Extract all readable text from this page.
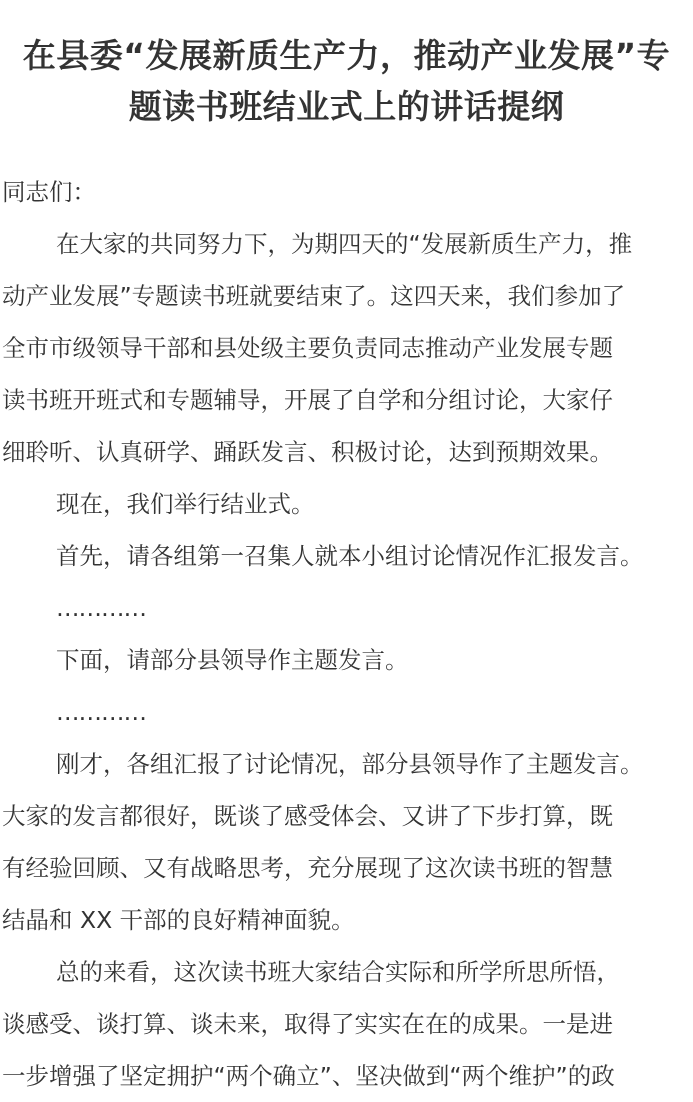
在县委“发展新质生产力，推动产业发展”专
题读书班结业式上的讲话提纲

同志们：

在大家的共同努力下，为期四天的“发展新质生产力，推
动产业发展”专题读书班就要结束了。这四天来，我们参加了
全市市级领导干部和县处级主要负责同志推动产业发展专题
读书班开班式和专题辅导，开展了自学和分组讨论，大家仔
细聆听、认真研学、踊跃发言、积极讨论，达到预期效果。

现在，我们举行结业式。

首先，请各组第一召集人就本小组讨论情况作汇报发言。

…………

下面，请部分县领导作主题发言。

…………

刚才，各组汇报了讨论情况，部分县领导作了主题发言。
大家的发言都很好，既谈了感受体会、又讲了下步打算，既
有经验回顾、又有战略思考，充分展现了这次读书班的智慧
结晶和 XX 干部的良好精神面貌。

总的来看，这次读书班大家结合实际和所学所思所悟，
谈感受、谈打算、谈未来，取得了实实在在的成果。一是进
一步增强了坚定拥护“两个确立”、坚决做到“两个维护”的政
